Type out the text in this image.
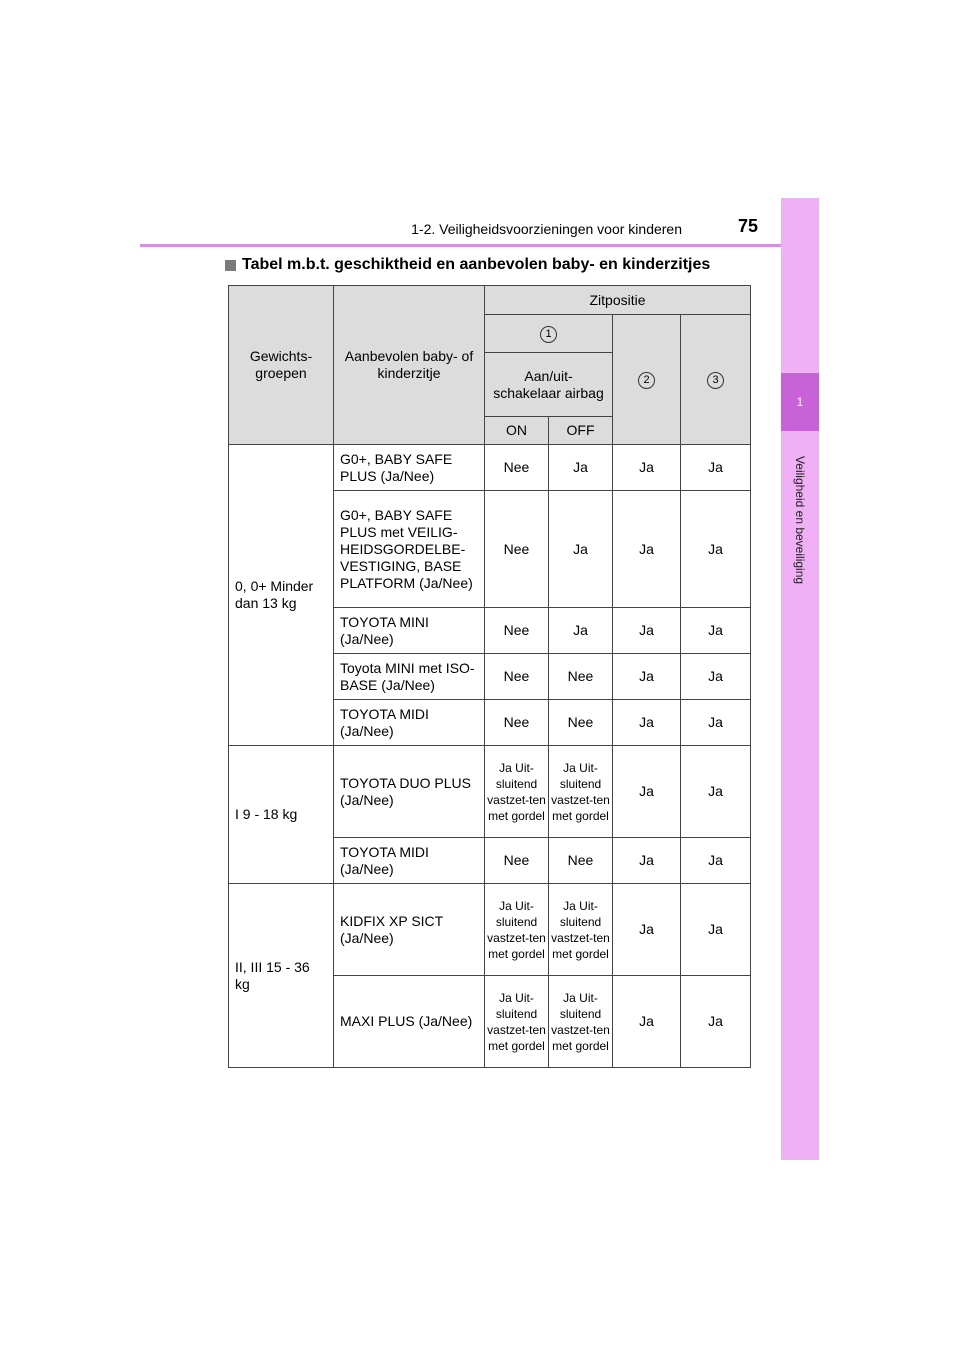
1-2. Veiligheidsvoorzieningen voor kinderen	75
1
Veiligheid en beveiliging
Tabel m.b.t. geschiktheid en aanbevolen baby- en kinderzitjes
Gewichts-groepen	Aanbevolen baby- of kinderzitje	Zitpositie			
		1		2	3
		Aan/uit-schakelaar airbag			
		ON	OFF		
0, 0+ Minder dan 13 kg	G0+, BABY SAFE PLUS (Ja/Nee)	Nee	Ja	Ja	Ja
	G0+, BABY SAFE PLUS met VEILIG-HEIDSGORDELBE-VESTIGING, BASE PLATFORM (Ja/Nee)	Nee	Ja	Ja	Ja
	TOYOTA MINI (Ja/Nee)	Nee	Ja	Ja	Ja
	Toyota MINI met ISO-BASE (Ja/Nee)	Nee	Nee	Ja	Ja
	TOYOTA MIDI (Ja/Nee)	Nee	Nee	Ja	Ja
I 9 - 18 kg	TOYOTA DUO PLUS (Ja/Nee)	Ja Uit-sluitend vastzet-ten met gordel	Ja Uit-sluitend vastzet-ten met gordel	Ja	Ja
	TOYOTA MIDI (Ja/Nee)	Nee	Nee	Ja	Ja
II, III 15 - 36 kg	KIDFIX XP SICT (Ja/Nee)	Ja Uit-sluitend vastzet-ten met gordel	Ja Uit-sluitend vastzet-ten met gordel	Ja	Ja
	MAXI PLUS (Ja/Nee)	Ja Uit-sluitend vastzet-ten met gordel	Ja Uit-sluitend vastzet-ten met gordel	Ja	Ja
